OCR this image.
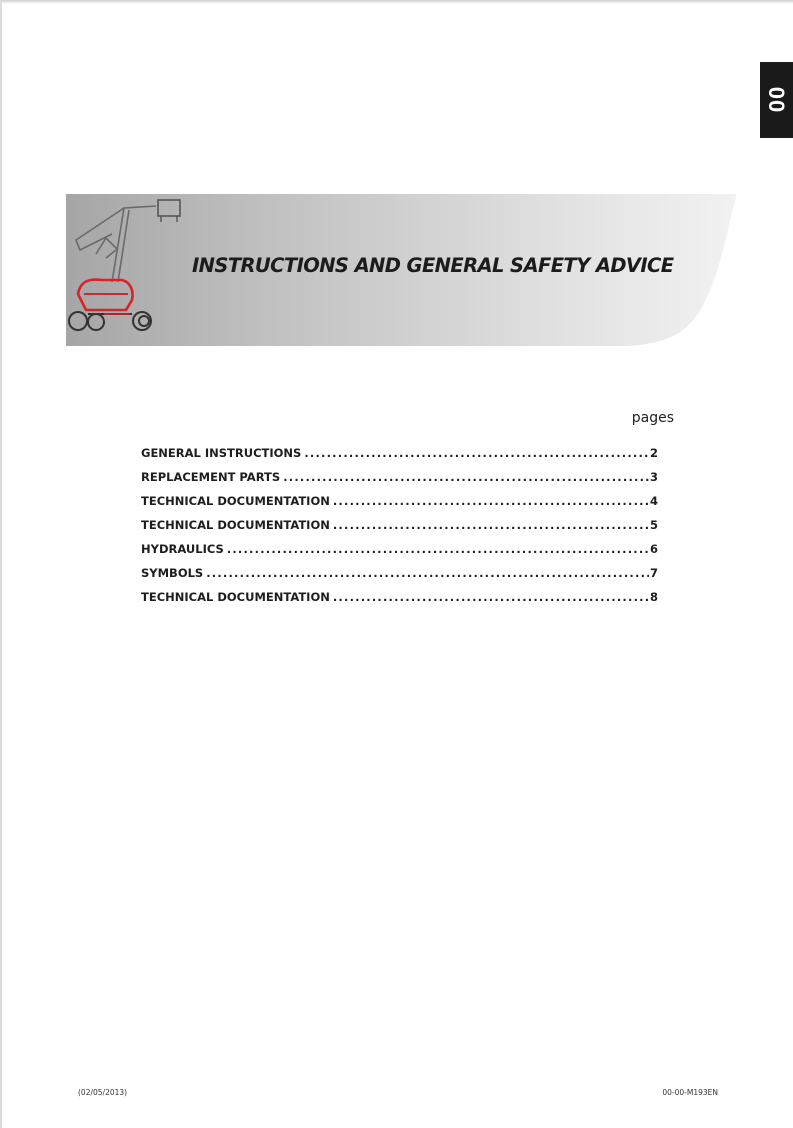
00
INSTRUCTIONS AND GENERAL SAFETY ADVICE
pages
GENERAL INSTRUCTIONS .....	2
REPLACEMENT PARTS .....	3
TECHNICAL DOCUMENTATION .....	4
TECHNICAL DOCUMENTATION .....	5
HYDRAULICS .....	6
SYMBOLS .....	7
TECHNICAL DOCUMENTATION .....	8
(02/05/2013)	00-00-M193EN
